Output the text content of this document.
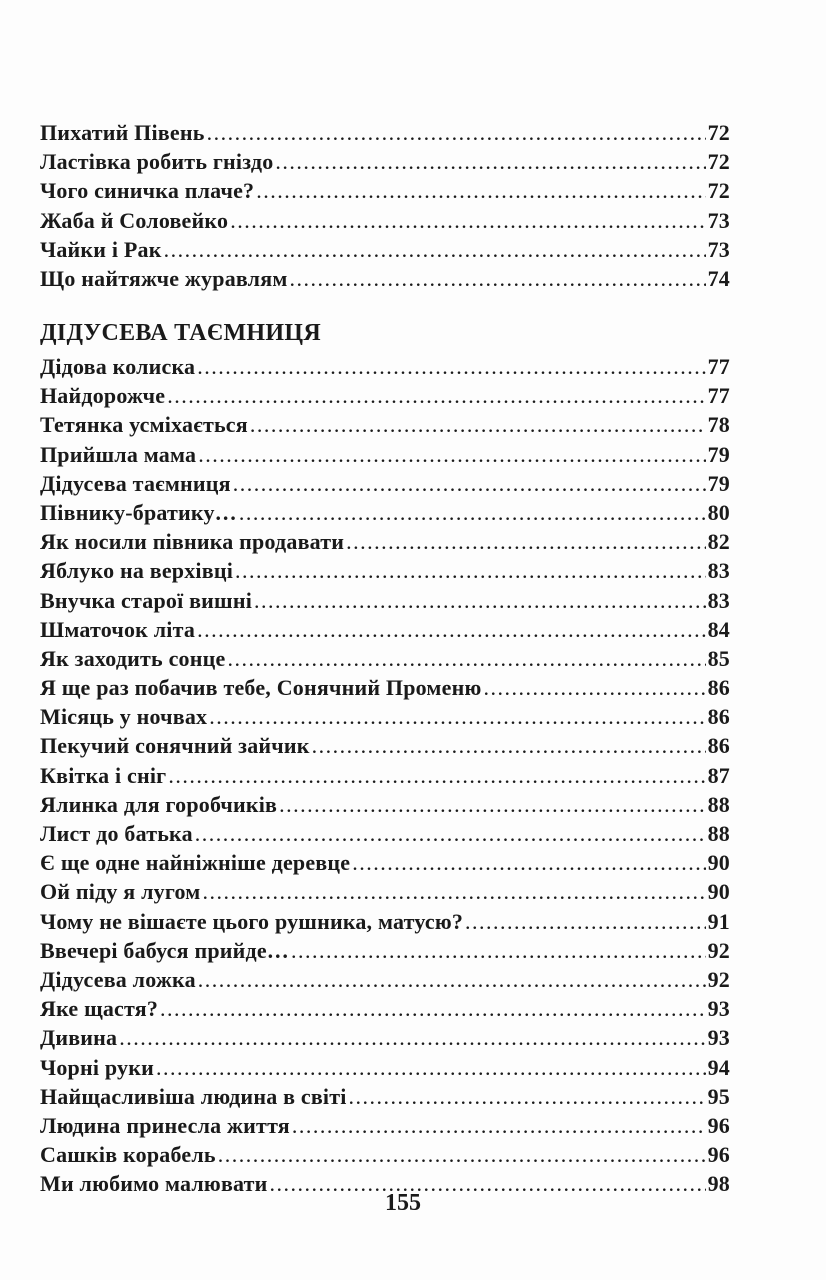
Пихатий Півень .....	72
Ластівка робить гніздо .....	72
Чого синичка плаче? .....	72
Жаба й Соловейко .....	73
Чайки і Рак .....	73
Що найтяжче журавлям .....	74
ДІДУСЕВА ТАЄМНИЦЯ
Дідова колиска .....	77
Найдорожче .....	77
Тетянка усміхається .....	78
Прийшла мама .....	79
Дідусева таємниця .....	79
Півнику-братику… .....	80
Як носили півника продавати .....	82
Яблуко на верхівці .....	83
Внучка старої вишні .....	83
Шматочок літа .....	84
Як заходить сонце .....	85
Я ще раз побачив тебе, Сонячний Променю .....	86
Місяць у ночвах .....	86
Пекучий сонячний зайчик .....	86
Квітка і сніг .....	87
Ялинка для горобчиків .....	88
Лист до батька .....	88
Є ще одне найніжніше деревце .....	90
Ой піду я лугом .....	90
Чому не вішаєте цього рушника, матусю? .....	91
Ввечері бабуся прийде… .....	92
Дідусева ложка .....	92
Яке щастя? .....	93
Дивина .....	93
Чорні руки .....	94
Найщасливіша людина в світі .....	95
Людина принесла життя .....	96
Сашків корабель .....	96
Ми любимо малювати .....	98
155
